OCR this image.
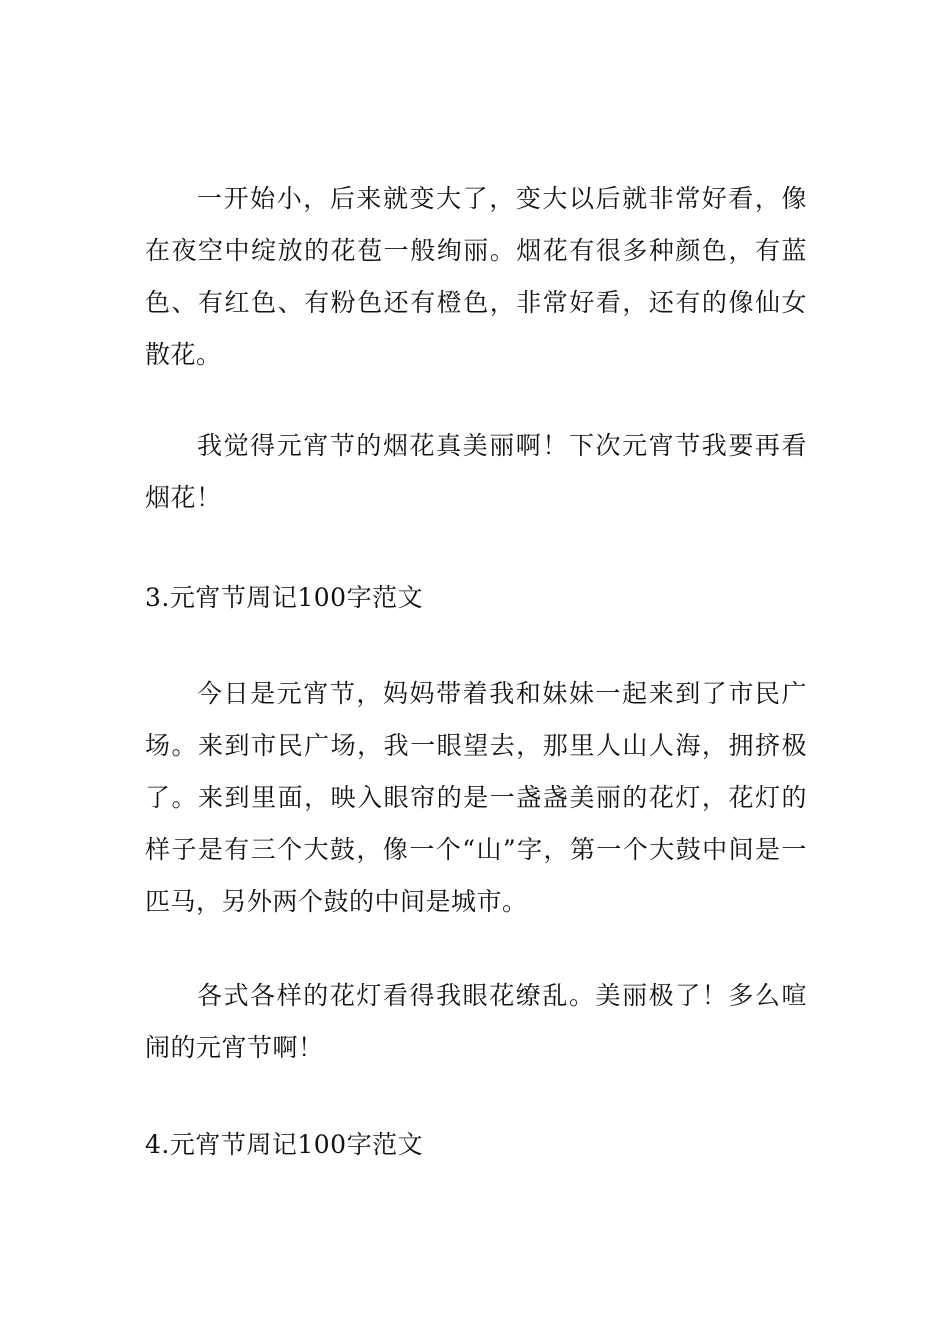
一开始小，后来就变大了，变大以后就非常好看，像在夜空中绽放的花苞一般绚丽。烟花有很多种颜色，有蓝色、有红色、有粉色还有橙色，非常好看，还有的像仙女散花。

我觉得元宵节的烟花真美丽啊！下次元宵节我要再看烟花！

3.元宵节周记100字范文

今日是元宵节，妈妈带着我和妹妹一起来到了市民广场。来到市民广场，我一眼望去，那里人山人海，拥挤极了。来到里面，映入眼帘的是一盏盏美丽的花灯，花灯的样子是有三个大鼓，像一个“山”字，第一个大鼓中间是一匹马，另外两个鼓的中间是城市。

各式各样的花灯看得我眼花缭乱。美丽极了！多么喧闹的元宵节啊！

4.元宵节周记100字范文
